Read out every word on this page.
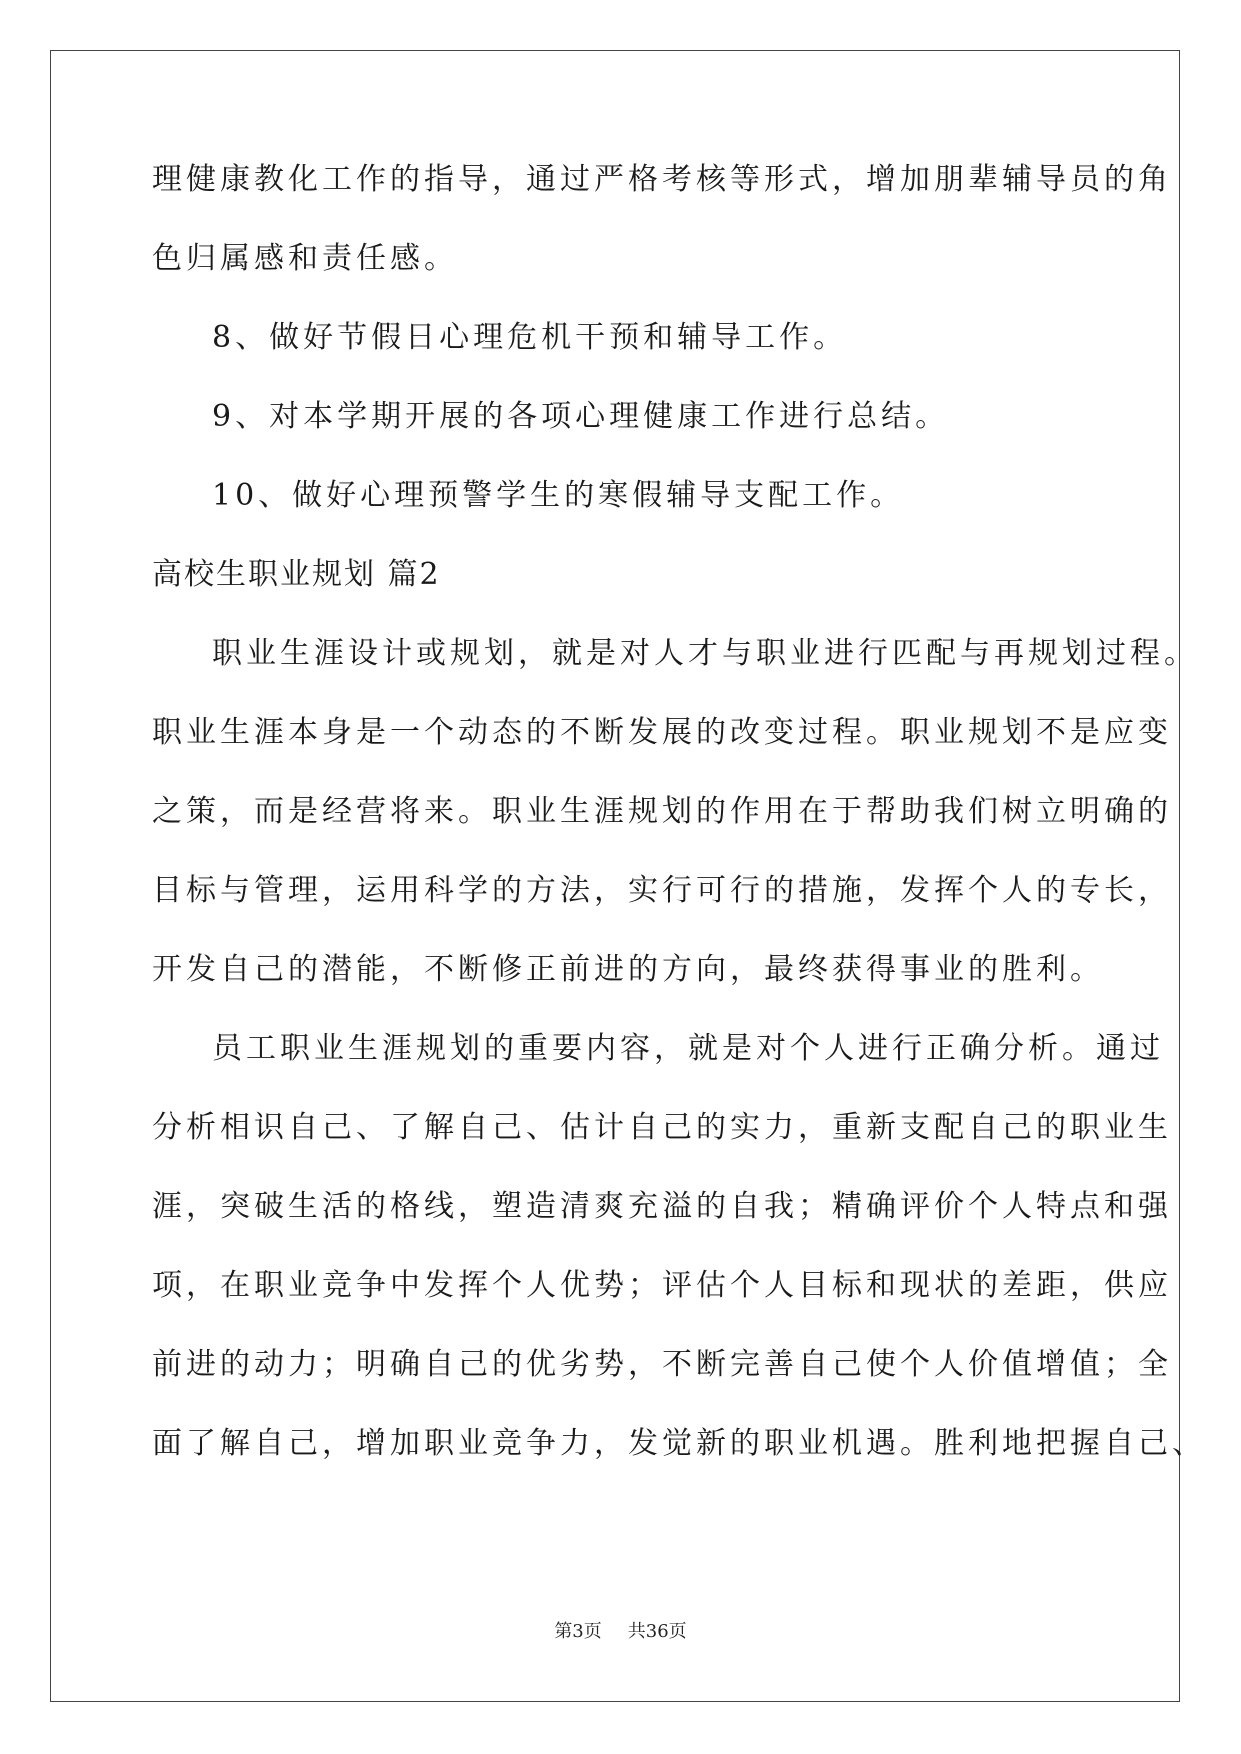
理健康教化工作的指导，通过严格考核等形式，增加朋辈辅导员的角
色归属感和责任感。
8、做好节假日心理危机干预和辅导工作。
9、对本学期开展的各项心理健康工作进行总结。
10、做好心理预警学生的寒假辅导支配工作。
高校生职业规划 篇2
职业生涯设计或规划，就是对人才与职业进行匹配与再规划过程。
职业生涯本身是一个动态的不断发展的改变过程。职业规划不是应变
之策，而是经营将来。职业生涯规划的作用在于帮助我们树立明确的
目标与管理，运用科学的方法，实行可行的措施，发挥个人的专长，
开发自己的潜能，不断修正前进的方向，最终获得事业的胜利。
员工职业生涯规划的重要内容，就是对个人进行正确分析。通过
分析相识自己、了解自己、估计自己的实力，重新支配自己的职业生
涯，突破生活的格线，塑造清爽充溢的自我；精确评价个人特点和强
项，在职业竞争中发挥个人优势；评估个人目标和现状的差距，供应
前进的动力；明确自己的优劣势，不断完善自己使个人价值增值；全
面了解自己，增加职业竞争力，发觉新的职业机遇。胜利地把握自己、
第3页 共36页
